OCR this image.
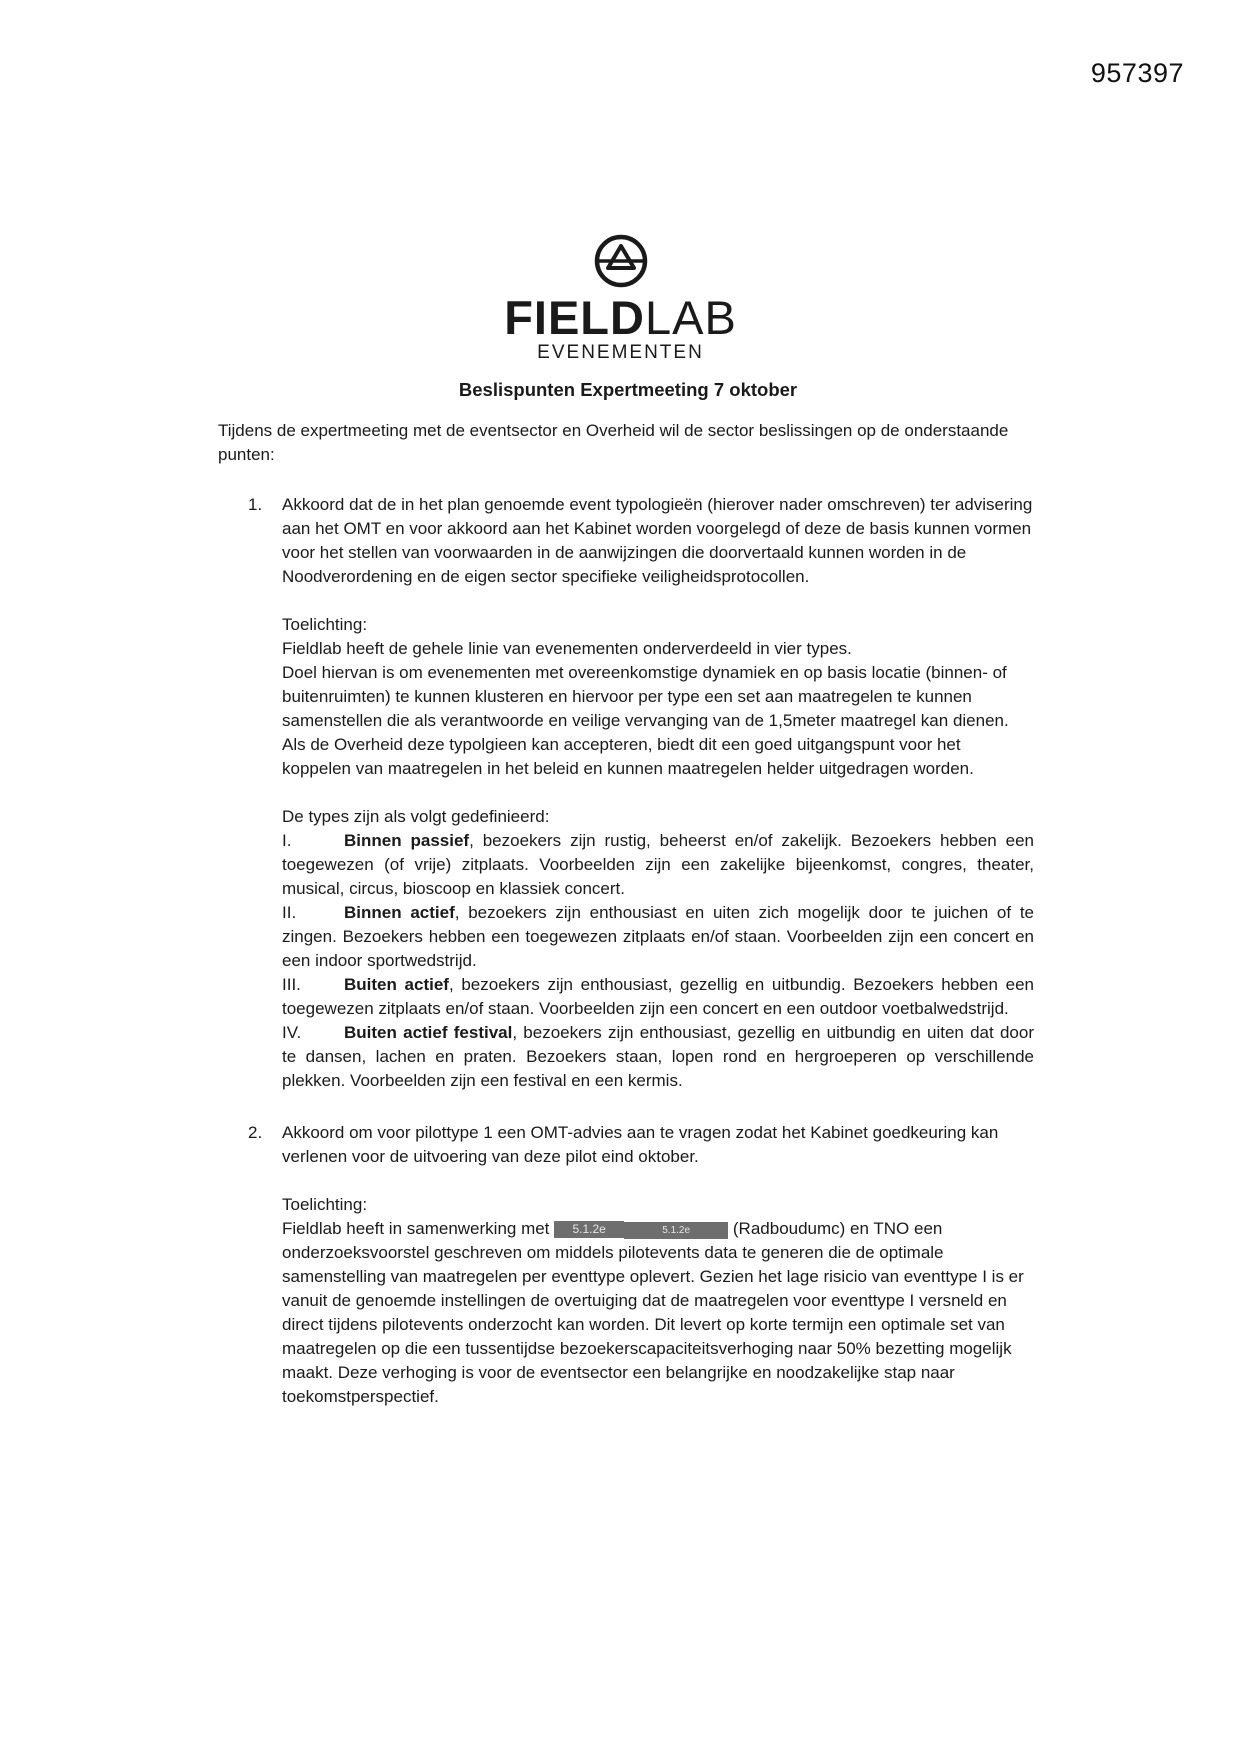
957397
FIELDLAB
EVENEMENTEN

Beslispunten Expertmeeting 7 oktober

Tijdens de expertmeeting met de eventsector en Overheid wil de sector beslissingen op de onderstaande punten:

1. Akkoord dat de in het plan genoemde event typologieën (hierover nader omschreven) ter advisering aan het OMT en voor akkoord aan het Kabinet worden voorgelegd of deze de basis kunnen vormen voor het stellen van voorwaarden in de aanwijzingen die doorvertaald kunnen worden in de Noodverordening en de eigen sector specifieke veiligheidsprotocollen.

Toelichting:

Fieldlab heeft de gehele linie van evenementen onderverdeeld in vier types.

Doel hiervan is om evenementen met overeenkomstige dynamiek en op basis locatie (binnen- of buitenruimten) te kunnen klusteren en hiervoor per type een set aan maatregelen te kunnen samenstellen die als verantwoorde en veilige vervanging van de 1,5meter maatregel kan dienen.

Als de Overheid deze typolgieen kan accepteren, biedt dit een goed uitgangspunt voor het koppelen van maatregelen in het beleid en kunnen maatregelen helder uitgedragen worden.

De types zijn als volgt gedefinieerd:

I.	Binnen passief, bezoekers zijn rustig, beheerst en/of zakelijk. Bezoekers hebben een toegewezen (of vrije) zitplaats. Voorbeelden zijn een zakelijke bijeenkomst, congres, theater, musical, circus, bioscoop en klassiek concert.

II.	Binnen actief, bezoekers zijn enthousiast en uiten zich mogelijk door te juichen of te zingen. Bezoekers hebben een toegewezen zitplaats en/of staan. Voorbeelden zijn een concert en een indoor sportwedstrijd.

III.	Buiten actief, bezoekers zijn enthousiast, gezellig en uitbundig. Bezoekers hebben een toegewezen zitplaats en/of staan. Voorbeelden zijn een concert en een outdoor voetbalwedstrijd.

IV.	Buiten actief festival, bezoekers zijn enthousiast, gezellig en uitbundig en uiten dat door te dansen, lachen en praten. Bezoekers staan, lopen rond en hergroeperen op verschillende plekken. Voorbeelden zijn een festival en een kermis.

2. Akkoord om voor pilottype 1 een OMT-advies aan te vragen zodat het Kabinet goedkeuring kan verlenen voor de uitvoering van deze pilot eind oktober.

Toelichting:

Fieldlab heeft in samenwerking met 5.1.2e	5.1.2e	(Radboudumc) en TNO een onderzoeksvoorstel geschreven om middels pilotevents data te generen die de optimale samenstelling van maatregelen per eventtype oplevert. Gezien het lage risicio van eventtype I is er vanuit de genoemde instellingen de overtuiging dat de maatregelen voor eventtype I versneld en direct tijdens pilotevents onderzocht kan worden. Dit levert op korte termijn een optimale set van maatregelen op die een tussentijdse bezoekerscapaciteitsverhoging naar 50% bezetting mogelijk maakt. Deze verhoging is voor de eventsector een belangrijke en noodzakelijke stap naar toekomstperspectief.
